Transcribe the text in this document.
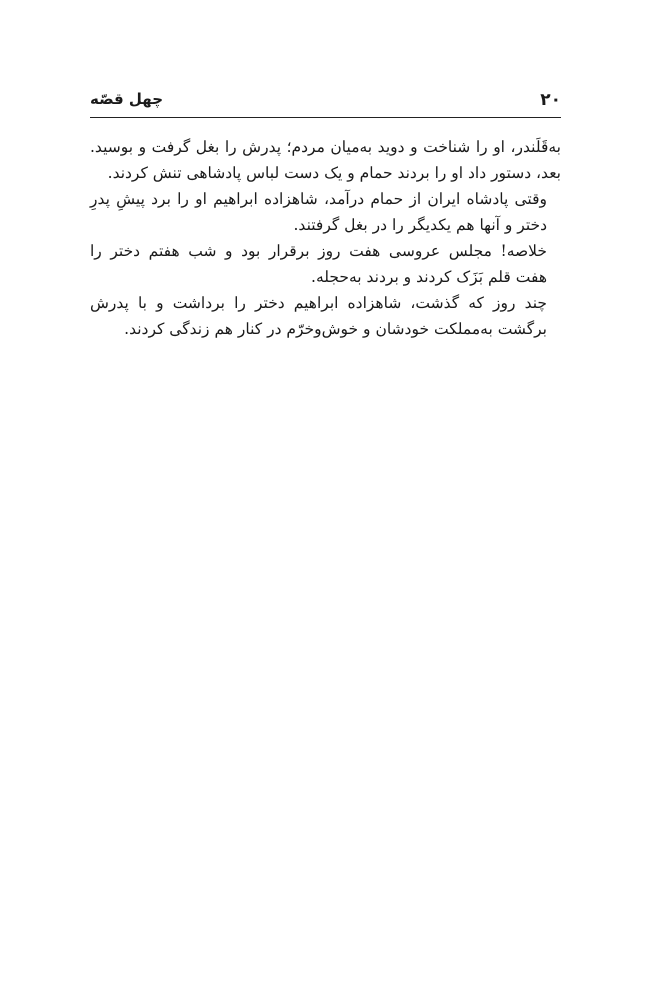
۲۰
چهل قصّه

به‌قَلَندر، او را شناخت و دوید به‌میان مردم؛ پدرش را بغل گرفت و بوسید.
بعد، دستور داد او را بردند حمام و یک دست لباس پادشاهی تنش کردند.

وقتی پادشاه ایران از حمام درآمد، شاهزاده ابراهیم او را برد پیشِ پدرِ
دختر و آنها هم یکدیگر را در بغل گرفتند.

خلاصه! مجلس عروسی هفت روز برقرار بود و شب هفتم دختر را
هفت قلم بَزَک کردند و بردند به‌حجله.

چند روز که گذشت، شاهزاده ابراهیم دختر را برداشت و با پدرش
برگشت به‌مملکت خودشان و خوش‌وخرّم در کنار هم زندگی کردند.
